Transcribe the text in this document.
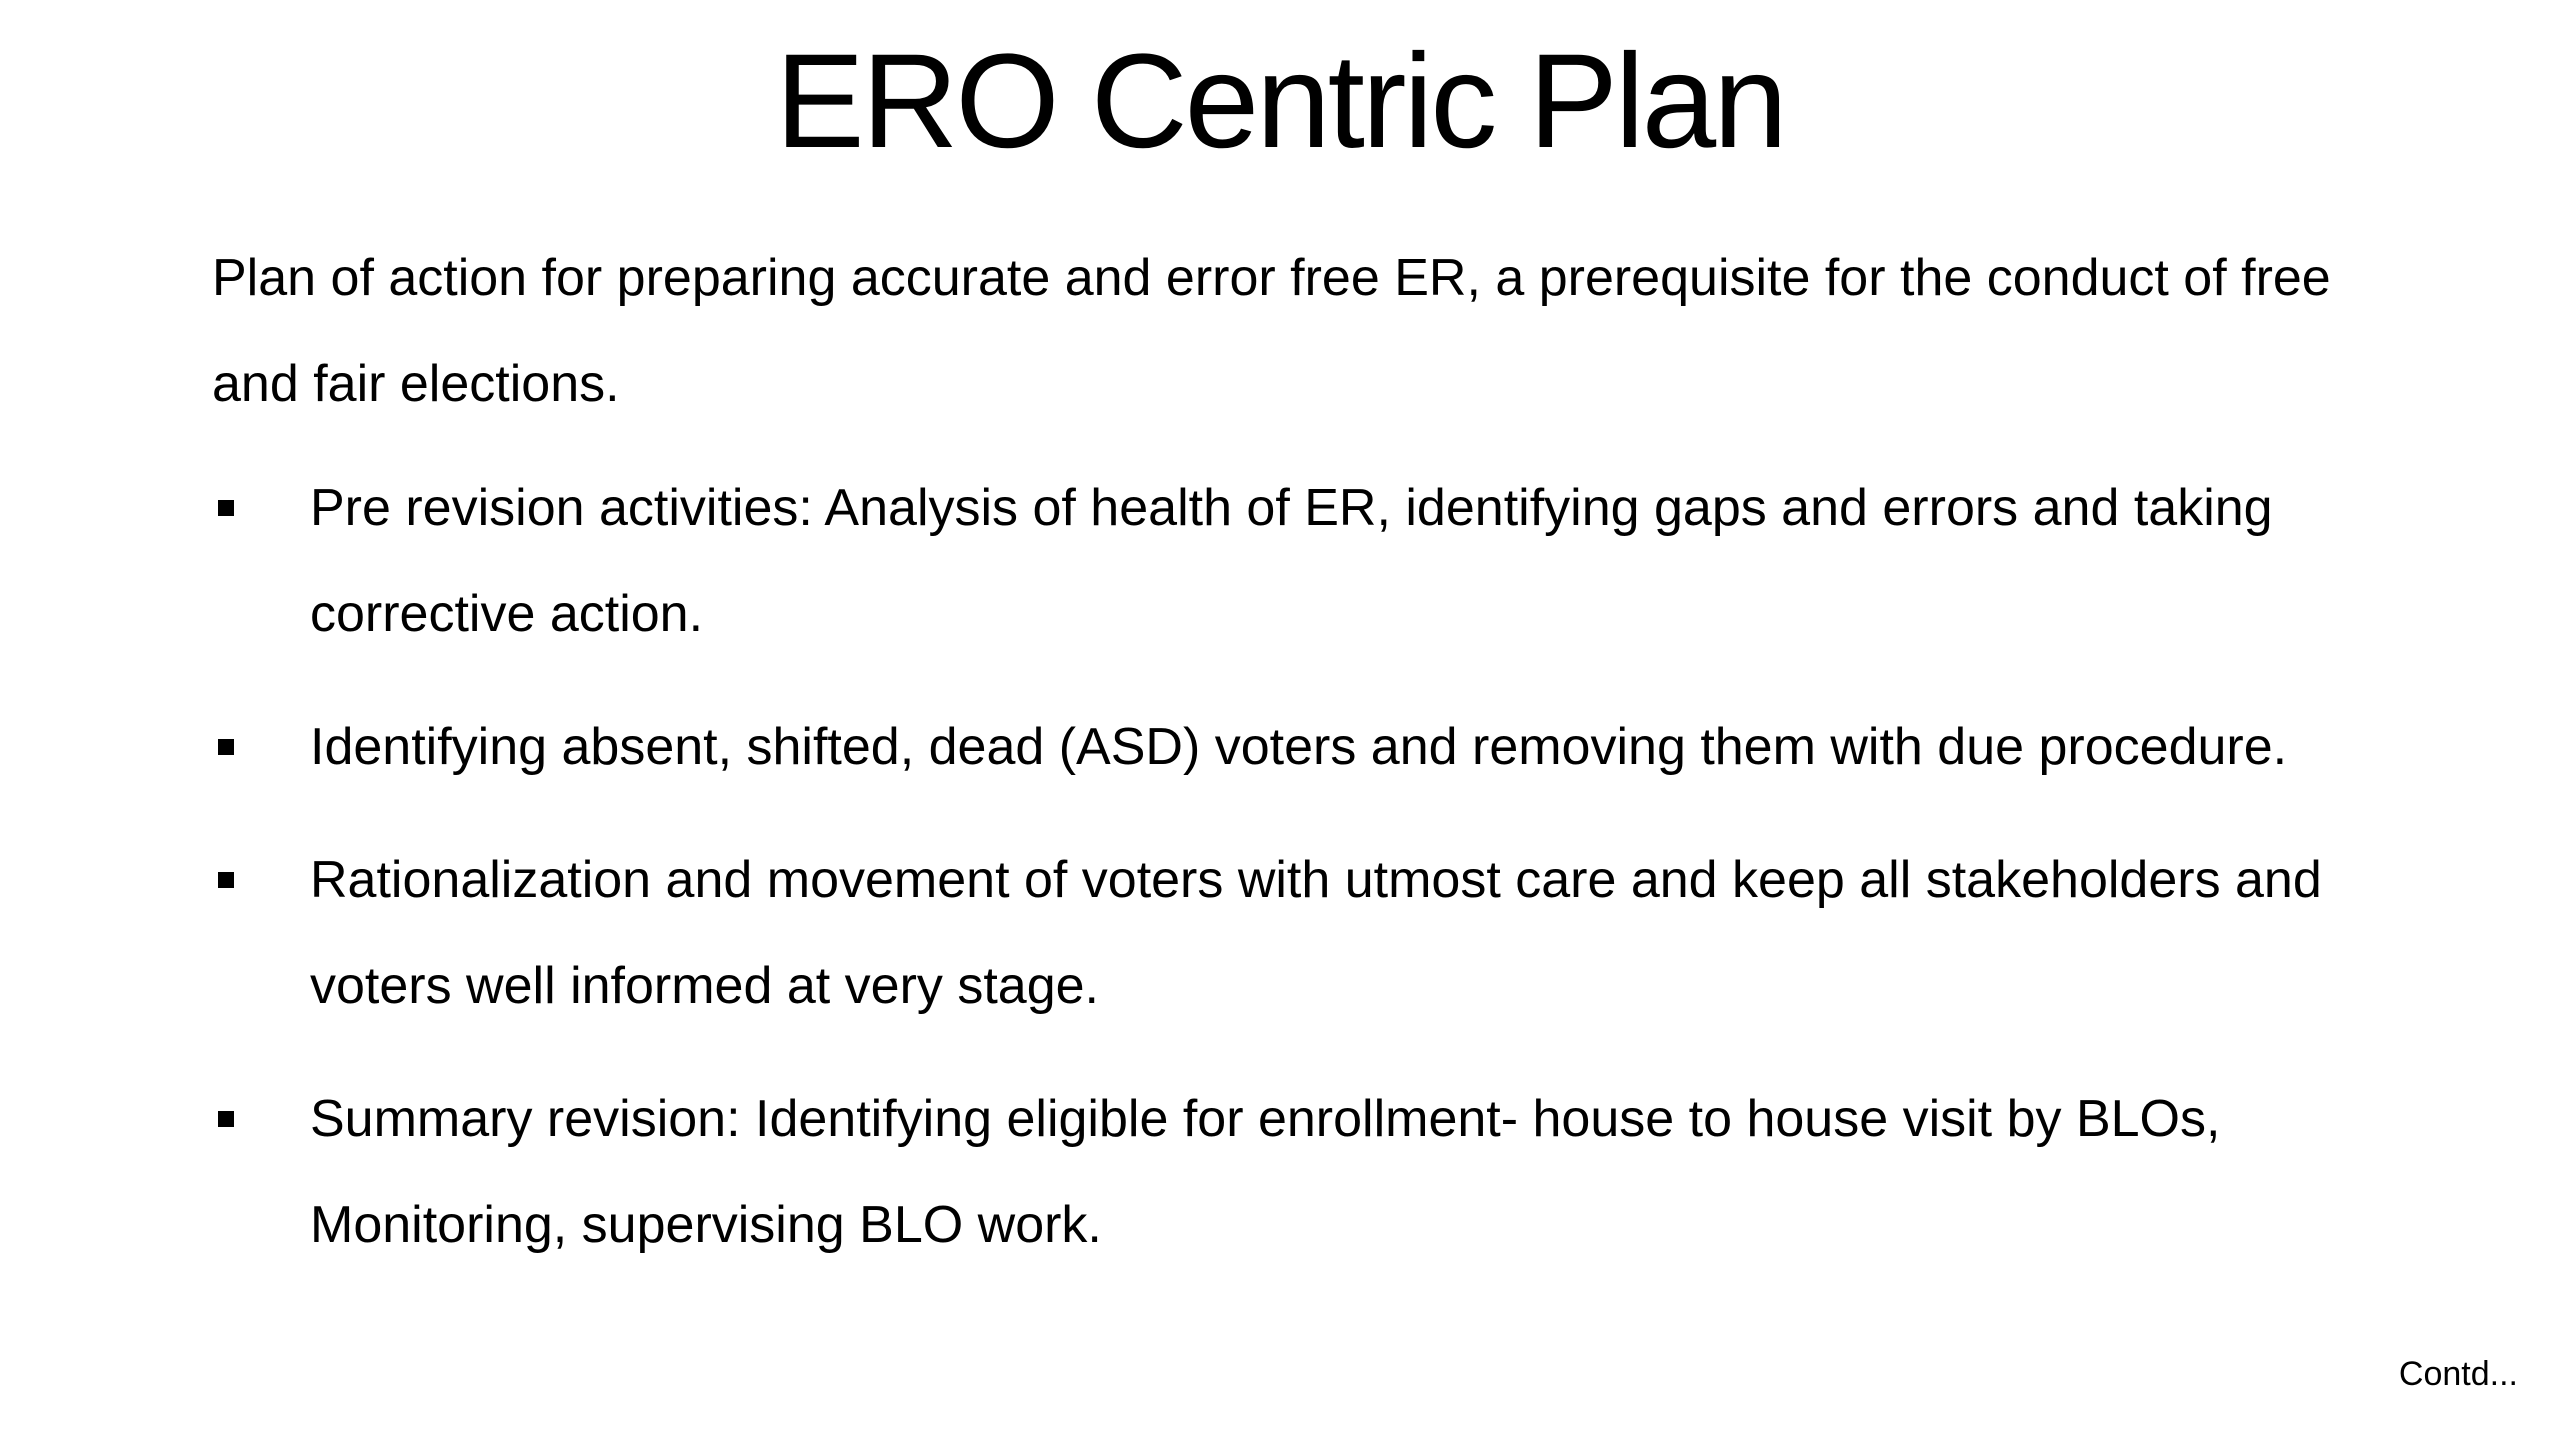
ERO Centric Plan

Plan of action for preparing accurate and error free ER, a prerequisite for the conduct of free and fair elections.

Pre revision activities: Analysis of health of ER, identifying gaps and errors and taking corrective action.
Identifying absent, shifted, dead (ASD) voters and removing them with due procedure.
Rationalization and movement of voters with utmost care and keep all stakeholders and voters well informed at very stage.
Summary revision: Identifying eligible for enrollment- house to house visit by BLOs, Monitoring, supervising BLO work.
Contd...
